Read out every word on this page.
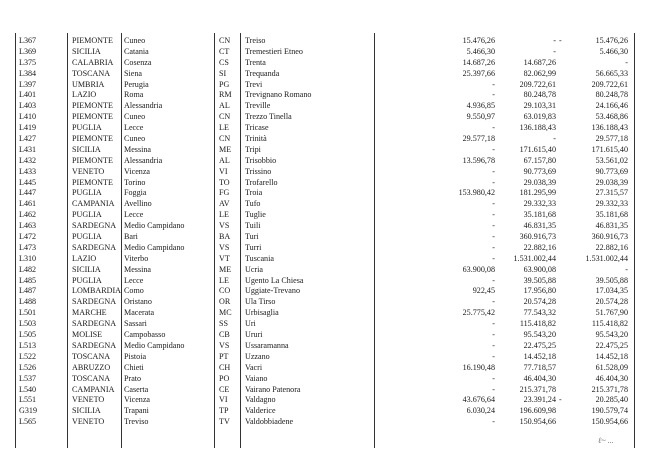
L367	PIEMONTE Cuneo	CN Treiso	15.476,26	- -	15.476,26
L369	SICILIA	Catania	CT Tremestieri Etneo	5.466,30	-	5.466,30
L375	CALABRIA Cosenza	CS Trenta	14.687,26	14.687,26	-
L384	TOSCANA Siena	SI Trequanda	25.397,66	82.062,99	56.665,33
L397	UMBRIA Perugia	PG Trevi	-	209.722,61	209.722,61
L401	LAZIO	Roma	RM Trevignano Romano	-	80.248,78	80.248,78
L403	PIEMONTE Alessandria	AL Treville	4.936,85	29.103,31	24.166,46
L410	PIEMONTE Cuneo	CN Trezzo Tinella	9.550,97	63.019,83	53.468,86
L419	PUGLIA	Lecce	LE Tricase	-	136.188,43	136.188,43
L427	PIEMONTE Cuneo	CN Trinità	29.577,18	-	29.577,18
L431	SICILIA	Messina	ME Tripi	-	171.615,40	171.615,40
L432	PIEMONTE Alessandria	AL Trisobbio	13.596,78	67.157,80	53.561,02
L433	VENETO Vicenza	VI Trissino	-	90.773,69	90.773,69
L445	PIEMONTE Torino	TO Trofarello	-	29.038,39	29.038,39
L447	PUGLIA	Foggia	FG Troia	153.980,42	181.295,99	27.315,57
L461	CAMPANIA Avellino	AV Tufo	-	29.332,33	29.332,33
L462	PUGLIA	Lecce	LE Tuglie	-	35.181,68	35.181,68
L463	SARDEGNA Medio Campidano	VS Tuili	-	46.831,35	46.831,35
L472	PUGLIA	Bari	BA Turi	-	360.916,73	360.916,73
L473	SARDEGNA Medio Campidano	VS Turri	-	22.882,16	22.882,16
L310	LAZIO	Viterbo	VT Tuscania	- 1.531.002,44	1.531.002,44
L482	SICILIA	Messina	ME Ucria	63.900,08	63.900,08	-
L485	PUGLIA	Lecce	LE Ugento La Chiesa	-	39.505,88	39.505,88
L487	LOMBARDIA Como	CO Uggiate-Trevano	922,45	17.956,80	17.034,35
L488	SARDEGNA Oristano	OR Ula Tirso	-	20.574,28	20.574,28
L501	MARCHE Macerata	MC Urbisaglia	25.775,42	77.543,32	51.767,90
L503	SARDEGNA Sassari	SS Uri	-	115.418,82	115.418,82
L505	MOLISE	Campobasso	CB Ururi	-	95.543,20	95.543,20
L513	SARDEGNA Medio Campidano	VS Ussaramanna	-	22.475,25	22.475,25
L522	TOSCANA Pistoia	PT Uzzano	-	14.452,18	14.452,18
L526	ABRUZZO Chieti	CH Vacri	16.190,48	77.718,57	61.528,09
L537	TOSCANA Prato	PO Vaiano	-	46.404,30	46.404,30
L540	CAMPANIA Caserta	CE Vairano Patenora	-	215.371,78	215.371,78
L551	VENETO Vicenza	VI Valdagno	43.676,64	23.391,24 -	20.285,40
G319	SICILIA	Trapani	TP Valderice	6.030,24	196.609,98	190.579,74
L565	VENETO Treviso	TV Valdobbiadene	-	150.954,66	150.954,66
ℓ~ ...
